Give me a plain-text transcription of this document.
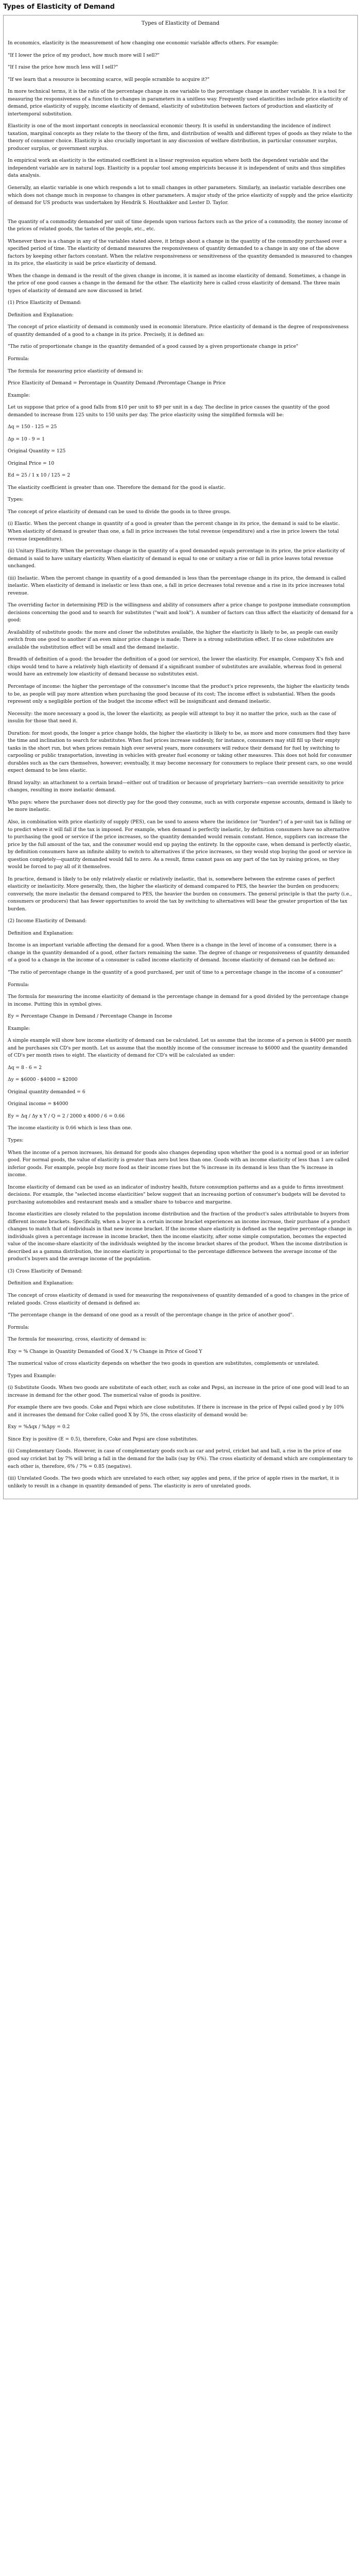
Types of Elasticity of Demand
Types of Elasticity of Demand

In economics, elasticity is the measurement of how changing one economic variable affects others. For example:

"If I lower the price of my product, how much more will I sell?"

"If I raise the price how much less will I sell?"

"If we learn that a resource is becoming scarce, will people scramble to acquire it?"

In more technical terms, it is the ratio of the percentage change in one variable to the percentage change in another variable. It is a tool for measuring the responsiveness of a function to changes in parameters in a unitless way. Frequently used elasticities include price elasticity of demand, price elasticity of supply, income elasticity of demand, elasticity of substitution between factors of production and elasticity of intertemporal substitution.

Elasticity is one of the most important concepts in neoclassical economic theory. It is useful in understanding the incidence of indirect taxation, marginal concepts as they relate to the theory of the firm, and distribution of wealth and different types of goods as they relate to the theory of consumer choice. Elasticity is also crucially important in any discussion of welfare distribution, in particular consumer surplus, producer surplus, or government surplus.

In empirical work an elasticity is the estimated coefficient in a linear regression equation where both the dependent variable and the independent variable are in natural logs. Elasticity is a popular tool among empiricists because it is independent of units and thus simplifies data analysis.

Generally, an elastic variable is one which responds a lot to small changes in other parameters. Similarly, an inelastic variable describes one which does not change much in response to changes in other parameters. A major study of the price elasticity of supply and the price elasticity of demand for US products was undertaken by Hendrik S. Houthakker and Lester D. Taylor.

The quantity of a commodity demanded per unit of time depends upon various factors such as the price of a commodity, the money income of the prices of related goods, the tastes of the people, etc., etc.

Whenever there is a change in any of the variables stated above, it brings about a change in the quantity of the commodity purchased over a specified period of time. The elasticity of demand measures the responsiveness of quantity demanded to a change in any one of the above factors by keeping other factors constant. When the relative responsiveness or sensitiveness of the quantity demanded is measured to changes in its price, the elasticity is said be price elasticity of demand.

When the change in demand is the result of the given change in income, it is named as income elasticity of demand. Sometimes, a change in the price of one good causes a change in the demand for the other. The elasticity here is called cross elasticity of demand. The three main types of elasticity of demand are now discussed in brief.

(1) Price Elasticity of Demand:

Definition and Explanation:

The concept of price elasticity of demand is commonly used in economic literature. Price elasticity of demand is the degree of responsiveness of quantity demanded of a good to a change in its price. Precisely, it is defined as:

"The ratio of proportionate change in the quantity demanded of a good caused by a given proportionate change in price"

Formula:

The formula for measuring price elasticity of demand is:

Price Elasticity of Demand = Percentage in Quantity Demand /Percentage Change in Price

Example:

Let us suppose that price of a good falls from $10 per unit to $9 per unit in a day. The decline in price causes the quantity of the good demanded to increase from 125 units to 150 units per day. The price elasticity using the simplified formula will be:

Δq = 150 - 125 = 25

Δp = 10 - 9 = 1

Original Quantity = 125

Original Price = 10

Ed = 25 / 1 x 10 / 125 = 2

The elasticity coefficient is greater than one. Therefore the demand for the good is elastic.

Types:

The concept of price elasticity of demand can be used to divide the goods in to three groups.

(i) Elastic. When the percent change in quantity of a good is greater than the percent change in its price, the demand is said to be elastic. When elasticity of demand is greater than one, a fall in price increases the total revenue (expenditure) and a rise in price lowers the total revenue (expenditure).

(ii) Unitary Elasticity. When the percentage change in the quantity of a good demanded equals percentage in its price, the price elasticity of demand is said to have unitary elasticity. When elasticity of demand is equal to one or unitary a rise or fall in price leaves total revenue unchanged.

(iii) Inelastic. When the percent change in quantity of a good demanded is less than the percentage change in its price, the demand is called inelastic. When elasticity of demand is inelastic or less than one, a fall in price decreases total revenue and a rise in its price increases total revenue.

The overriding factor in determining PED is the willingness and ability of consumers after a price change to postpone immediate consumption decisions concerning the good and to search for substitutes ("wait and look"). A number of factors can thus affect the elasticity of demand for a good:

Availability of substitute goods: the more and closer the substitutes available, the higher the elasticity is likely to be, as people can easily switch from one good to another if an even minor price change is made; There is a strong substitution effect. If no close substitutes are available the substitution effect will be small and the demand inelastic.

Breadth of definition of a good: the broader the definition of a good (or service), the lower the elasticity. For example, Company X's fish and chips would tend to have a relatively high elasticity of demand if a significant number of substitutes are available, whereas food in general would have an extremely low elasticity of demand because no substitutes exist.

Percentage of income: the higher the percentage of the consumer's income that the product's price represents, the higher the elasticity tends to be, as people will pay more attention when purchasing the good because of its cost; The income effect is substantial. When the goods represent only a negligible portion of the budget the income effect will be insignificant and demand inelastic.

Necessity: the more necessary a good is, the lower the elasticity, as people will attempt to buy it no matter the price, such as the case of insulin for those that need it.

Duration: for most goods, the longer a price change holds, the higher the elasticity is likely to be, as more and more consumers find they have the time and inclination to search for substitutes. When fuel prices increase suddenly, for instance, consumers may still fill up their empty tanks in the short run, but when prices remain high over several years, more consumers will reduce their demand for fuel by switching to carpooling or public transportation, investing in vehicles with greater fuel economy or taking other measures. This does not hold for consumer durables such as the cars themselves, however; eventually, it may become necessary for consumers to replace their present cars, so one would expect demand to be less elastic.

Brand loyalty: an attachment to a certain brand—either out of tradition or because of proprietary barriers—can override sensitivity to price changes, resulting in more inelastic demand.

Who pays: where the purchaser does not directly pay for the good they consume, such as with corporate expense accounts, demand is likely to be more inelastic.

Also, in combination with price elasticity of supply (PES), can be used to assess where the incidence (or "burden") of a per-unit tax is falling or to predict where it will fall if the tax is imposed. For example, when demand is perfectly inelastic, by definition consumers have no alternative to purchasing the good or service if the price increases, so the quantity demanded would remain constant. Hence, suppliers can increase the price by the full amount of the tax, and the consumer would end up paying the entirety. In the opposite case, when demand is perfectly elastic, by definition consumers have an infinite ability to switch to alternatives if the price increases, so they would stop buying the good or service in question completely—quantity demanded would fall to zero. As a result, firms cannot pass on any part of the tax by raising prices, so they would be forced to pay all of it themselves.

In practice, demand is likely to be only relatively elastic or relatively inelastic, that is, somewhere between the extreme cases of perfect elasticity or inelasticity. More generally, then, the higher the elasticity of demand compared to PES, the heavier the burden on producers; conversely, the more inelastic the demand compared to PES, the heavier the burden on consumers. The general principle is that the party (i.e., consumers or producers) that has fewer opportunities to avoid the tax by switching to alternatives will bear the greater proportion of the tax burden.

(2) Income Elasticity of Demand:

Definition and Explanation:

Income is an important variable affecting the demand for a good. When there is a change in the level of income of a consumer, there is a change in the quantity demanded of a good, other factors remaining the same. The degree of change or responsiveness of quantity demanded of a good to a change in the income of a consumer is called income elasticity of demand. Income elasticity of demand can be defined as:

"The ratio of percentage change in the quantity of a good purchased, per unit of time to a percentage change in the income of a consumer"

Formula:

The formula for measuring the income elasticity of demand is the percentage change in demand for a good divided by the percentage change in income. Putting this in symbol gives.

Ey = Percentage Change in Demand / Percentage Change in Income

Example:

A simple example will show how income elasticity of demand can be calculated. Let us assume that the income of a person is $4000 per month and he purchases six CD's per month. Let us assume that the monthly income of the consumer increase to $6000 and the quantity demanded of CD's per month rises to eight. The elasticity of demand for CD's will be calculated as under:

Δq = 8 - 6 = 2

Δy = $6000 - $4000 = $2000

Original quantity demanded = 6

Original income = $4000

Ey = Δq / Δy x Y / Q = 2 / 2000 x 4000 / 6 = 0.66

The income elasticity is 0.66 which is less than one.

Types:

When the income of a person increases, his demand for goods also changes depending upon whether the good is a normal good or an inferior good. For normal goods, the value of elasticity is greater than zero but less than one. Goods with an income elasticity of less than 1 are called inferior goods. For example, people buy more food as their income rises but the % increase in its demand is less than the % increase in income.

Income elasticity of demand can be used as an indicator of industry health, future consumption patterns and as a guide to firms investment decisions. For example, the "selected income elasticities" below suggest that an increasing portion of consumer's budgets will be devoted to purchasing automobiles and restaurant meals and a smaller share to tobacco and margarine.

Income elasticities are closely related to the population income distribution and the fraction of the product's sales attributable to buyers from different income brackets. Specifically, when a buyer in a certain income bracket experiences an income increase, their purchase of a product changes to match that of individuals in that new income bracket. If the income share elasticity is defined as the negative percentage change in individuals given a percentage increase in income bracket, then the income elasticity, after some simple computation, becomes the expected value of the income-share elasticity of the individuals weighted by the income bracket shares of the product. When the income distribution is described as a gamma distribution, the income elasticity is proportional to the percentage difference between the average income of the product's buyers and the average income of the population.

(3) Cross Elasticity of Demand:

Definition and Explanation:

The concept of cross elasticity of demand is used for measuring the responsiveness of quantity demanded of a good to changes in the price of related goods. Cross elasticity of demand is defined as:

"The percentage change in the demand of one good as a result of the percentage change in the price of another good".

Formula:

The formula for measuring, cross, elasticity of demand is:

Exy = % Change in Quantity Demanded of Good X / % Change in Price of Good Y

The numerical value of cross elasticity depends on whether the two goods in question are substitutes, complements or unrelated.

Types and Example:

(i) Substitute Goods. When two goods are substitute of each other, such as coke and Pepsi, an increase in the price of one good will lead to an increase in demand for the other good. The numerical value of goods is positive.

For example there are two goods. Coke and Pepsi which are close substitutes. If there is increase in the price of Pepsi called good y by 10% and it increases the demand for Coke called good X by 5%, the cross elasticity of demand would be:

Exy = %Δqx / %Δpy = 0.2

Since Exy is positive (E = 0.5), therefore, Coke and Pepsi are close substitutes.

(ii) Complementary Goods. However, in case of complementary goods such as car and petrol, cricket bat and ball, a rise in the price of one good say cricket bat by 7% will bring a fall in the demand for the balls (say by 6%). The cross elasticity of demand which are complementary to each other is, therefore, 6% / 7% = 0.85 (negative).

(iii) Unrelated Goods. The two goods which are unrelated to each other, say apples and pens, if the price of apple rises in the market, it is unlikely to result in a change in quantity demanded of pens. The elasticity is zero of unrelated goods.
